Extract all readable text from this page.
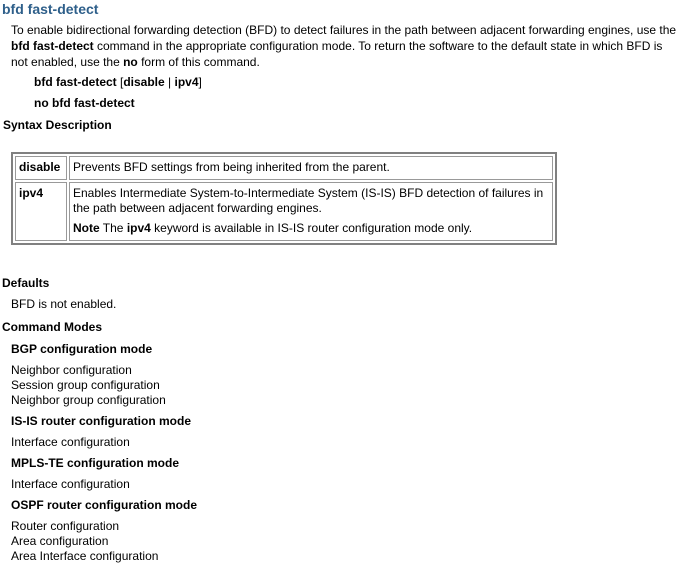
bfd fast-detect
To enable bidirectional forwarding detection (BFD) to detect failures in the path between adjacent forwarding engines, use the bfd fast-detect command in the appropriate configuration mode. To return the software to the default state in which BFD is not enabled, use the no form of this command.
bfd fast-detect [disable | ipv4]
no bfd fast-detect
Syntax Description
disable	Prevents BFD settings from being inherited from the parent.
ipv4	Enables Intermediate System-to-Intermediate System (IS-IS) BFD detection of failures in the path between adjacent forwarding engines.
Note The ipv4 keyword is available in IS-IS router configuration mode only.
Defaults
BFD is not enabled.
Command Modes
BGP configuration mode
Neighbor configuration
Session group configuration
Neighbor group configuration
IS-IS router configuration mode
Interface configuration
MPLS-TE configuration mode
Interface configuration
OSPF router configuration mode
Router configuration
Area configuration
Area Interface configuration
